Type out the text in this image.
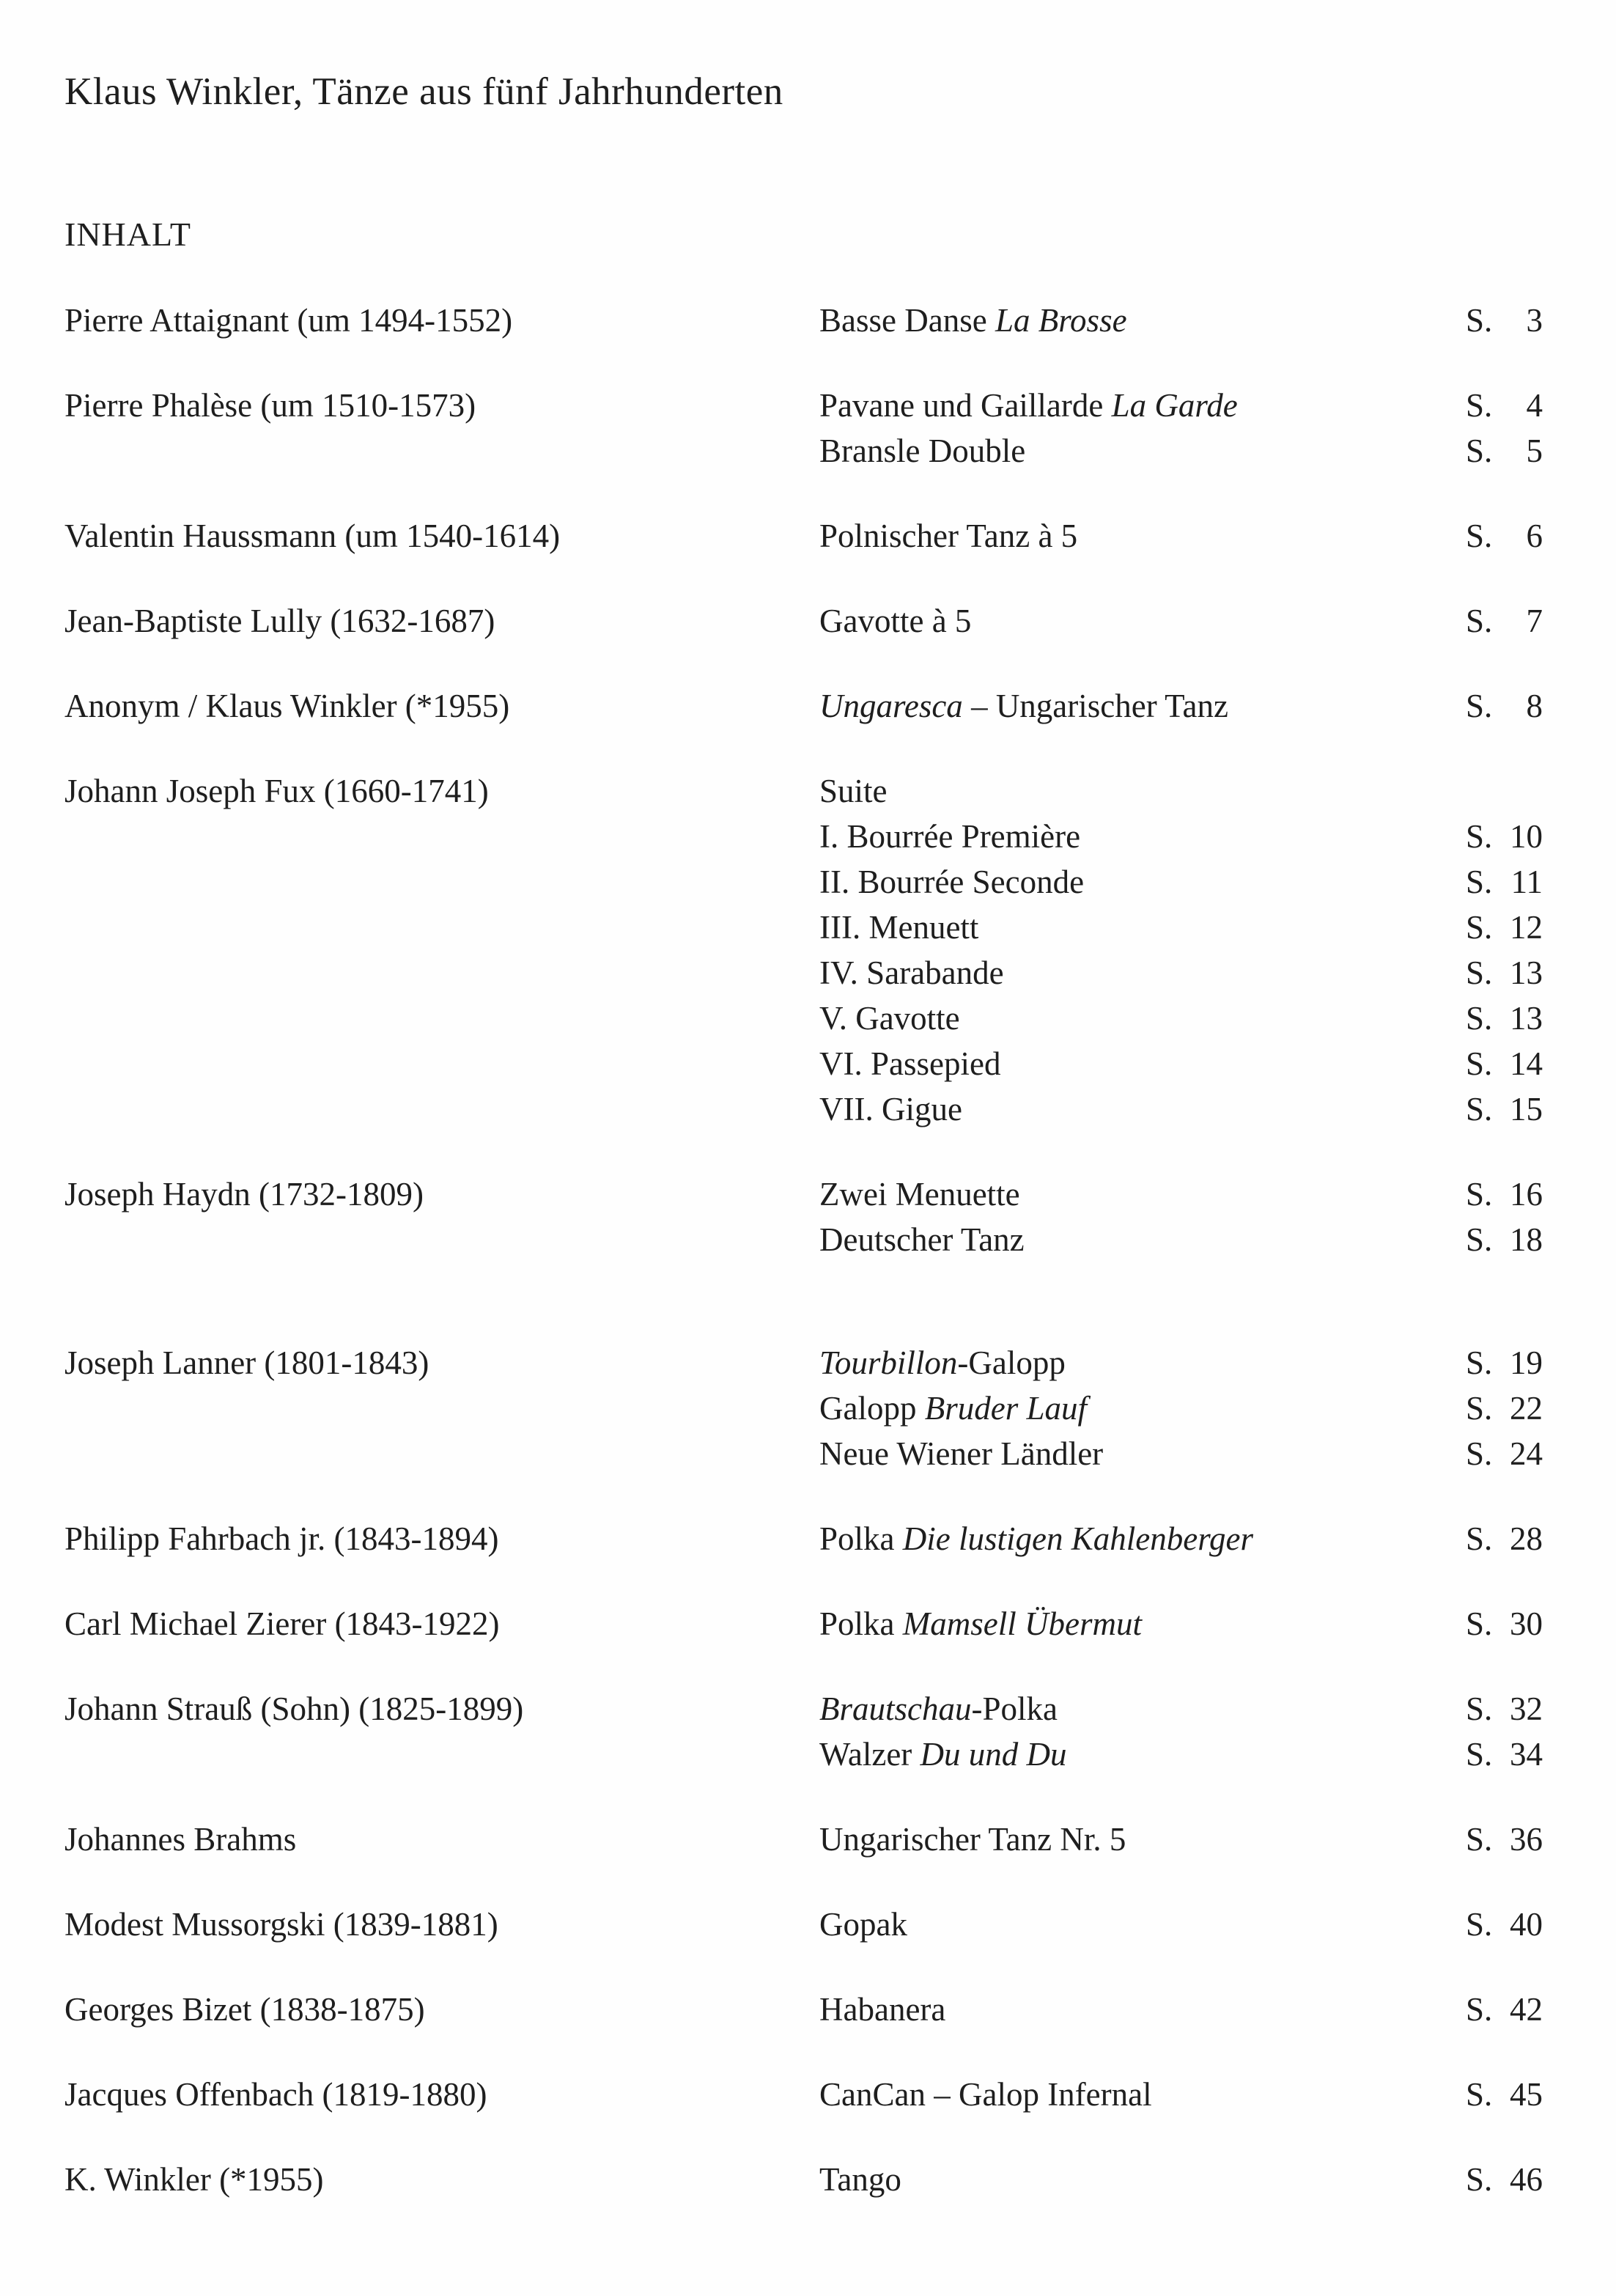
Klaus Winkler, Tänze aus fünf Jahrhunderten
INHALT
Pierre Attaignant (um 1494-1552)	Basse Danse La Brosse	S. 3
Pierre Phalèse (um 1510-1573)	Pavane und Gaillarde La Garde	S. 4
Bransle Double	S. 5
Valentin Haussmann (um 1540-1614)	Polnischer Tanz à 5	S. 6
Jean-Baptiste Lully (1632-1687)	Gavotte à 5	S. 7
Anonym / Klaus Winkler (*1955)	Ungaresca – Ungarischer Tanz	S. 8
Johann Joseph Fux (1660-1741)	Suite
I. Bourrée Première	S. 10
II. Bourrée Seconde	S. 11
III. Menuett	S. 12
IV. Sarabande	S. 13
V. Gavotte	S. 13
VI. Passepied	S. 14
VII. Gigue	S. 15
Joseph Haydn (1732-1809)	Zwei Menuette	S. 16
Deutscher Tanz	S. 18
Joseph Lanner (1801-1843)	Tourbillon-Galopp	S. 19
Galopp Bruder Lauf	S. 22
Neue Wiener Ländler	S. 24
Philipp Fahrbach jr. (1843-1894)	Polka Die lustigen Kahlenberger	S. 28
Carl Michael Zierer (1843-1922)	Polka Mamsell Übermut	S. 30
Johann Strauß (Sohn) (1825-1899)	Brautschau-Polka	S. 32
Walzer Du und Du	S. 34
Johannes Brahms	Ungarischer Tanz Nr. 5	S. 36
Modest Mussorgski (1839-1881)	Gopak	S. 40
Georges Bizet (1838-1875)	Habanera	S. 42
Jacques Offenbach (1819-1880)	CanCan – Galop Infernal	S. 45
K. Winkler (*1955)	Tango	S. 46
